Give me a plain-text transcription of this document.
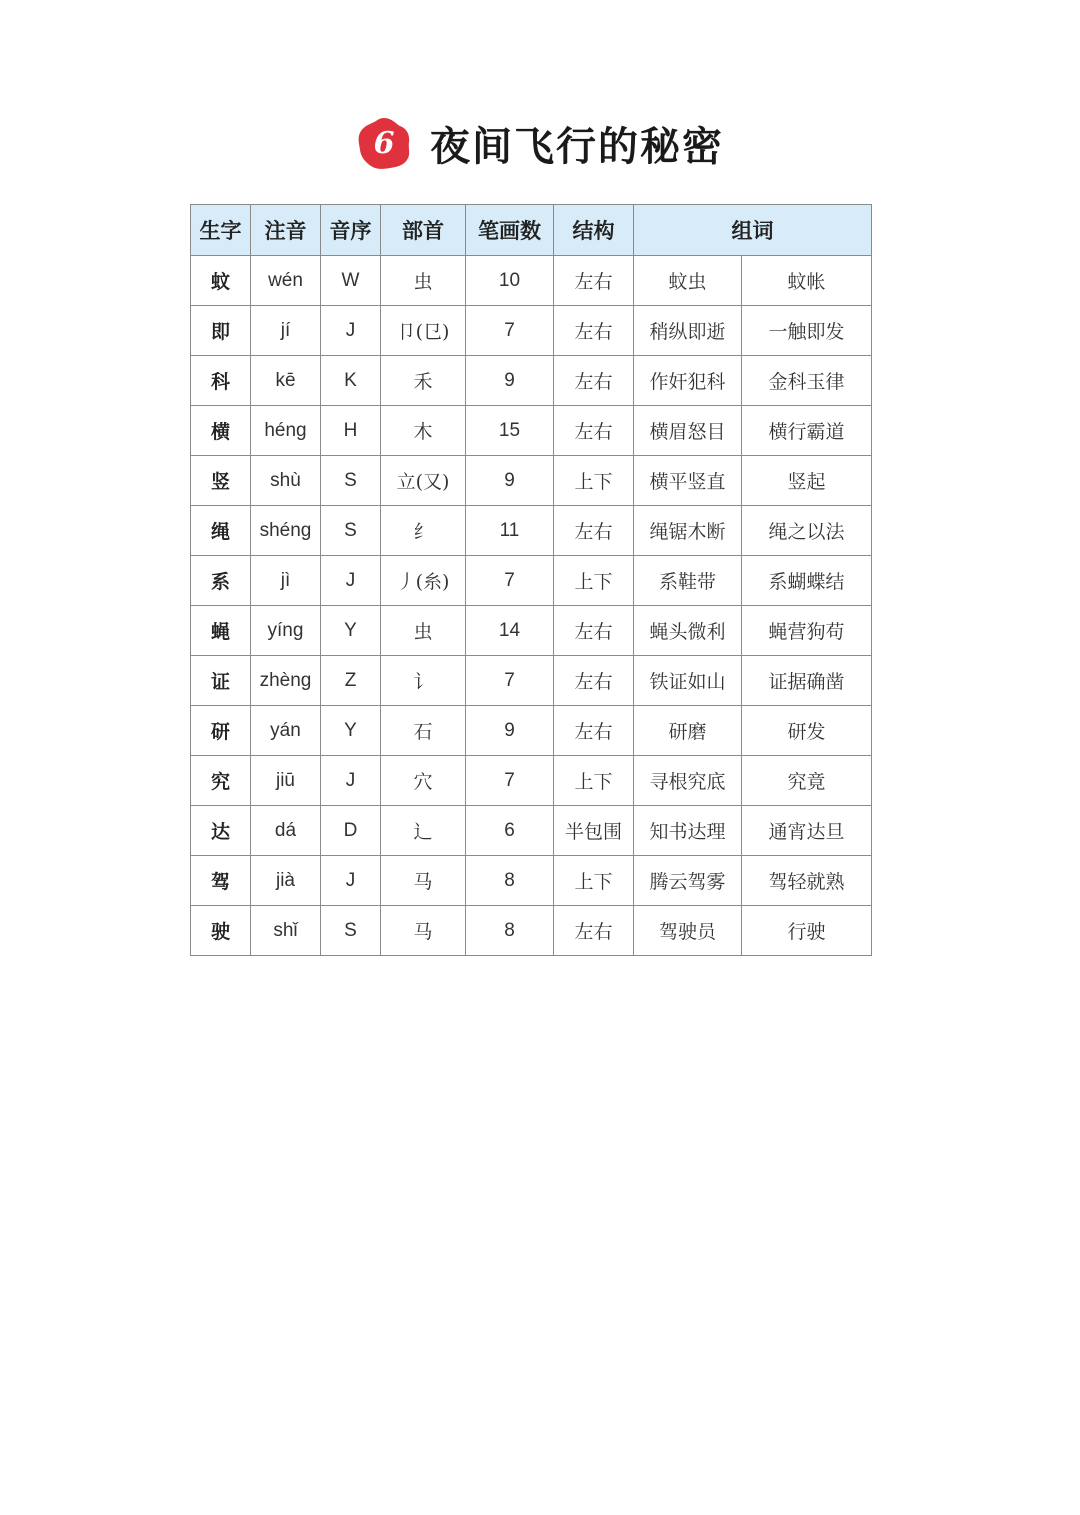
6 夜间飞行的秘密
生字	注音	音序	部首	笔画数	结构	组词	
蚊	wén	W	虫	10	左右	蚊虫	蚊帐
即	jí	J	卩(㔾)	7	左右	稍纵即逝	一触即发
科	kē	K	禾	9	左右	作奸犯科	金科玉律
横	héng	H	木	15	左右	横眉怒目	横行霸道
竖	shù	S	立(又)	9	上下	横平竖直	竖起
绳	shéng	S	纟	11	左右	绳锯木断	绳之以法
系	jì	J	丿(糸)	7	上下	系鞋带	系蝴蝶结
蝇	yíng	Y	虫	14	左右	蝇头微利	蝇营狗苟
证	zhèng	Z	讠	7	左右	铁证如山	证据确凿
研	yán	Y	石	9	左右	研磨	研发
究	jiū	J	穴	7	上下	寻根究底	究竟
达	dá	D	辶	6	半包围	知书达理	通宵达旦
驾	jià	J	马	8	上下	腾云驾雾	驾轻就熟
驶	shǐ	S	马	8	左右	驾驶员	行驶
